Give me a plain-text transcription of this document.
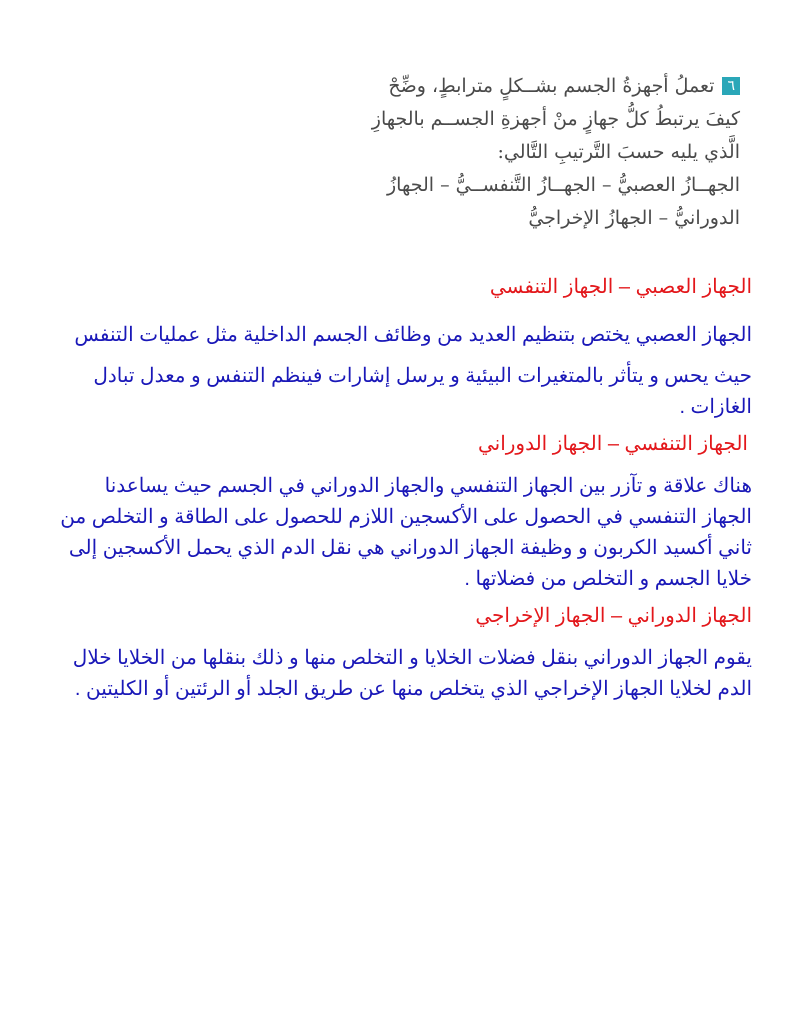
٦تعملُ أجهزةُ الجسم بشــكلٍ مترابطٍ، وضِّحْ
كيفَ يرتبطُ كلُّ جهازٍ منْ أجهزةِ الجســم بالجهازِ
الَّذي يليه حسبَ التَّرتيبِ التَّالي:
الجهــازُ العصبيُّ – الجهــازُ التَّنفســيُّ – الجهازُ
الدورانيُّ – الجهازُ الإخراجيُّ

الجهاز العصبي – الجهاز التنفسي

الجهاز العصبي يختص بتنظيم العديد من وظائف الجسم الداخلية مثل عمليات التنفس

حيث يحس و يتأثر بالمتغيرات البيئية و يرسل إشارات فينظم التنفس و معدل تبادل
الغازات .

الجهاز التنفسي – الجهاز الدوراني

هناك علاقة و تآزر بين الجهاز التنفسي والجهاز الدوراني في الجسم حيث يساعدنا
الجهاز التنفسي في الحصول على الأكسجين اللازم للحصول على الطاقة و التخلص من
ثاني أكسيد الكربون و وظيفة الجهاز الدوراني هي نقل الدم الذي يحمل الأكسجين إلى
خلايا الجسم و التخلص من فضلاتها .

الجهاز الدوراني – الجهاز الإخراجي

يقوم الجهاز الدوراني بنقل فضلات الخلايا و التخلص منها و ذلك بنقلها من الخلايا خلال
الدم لخلايا الجهاز الإخراجي الذي يتخلص منها عن طريق الجلد أو الرئتين أو الكليتين .
